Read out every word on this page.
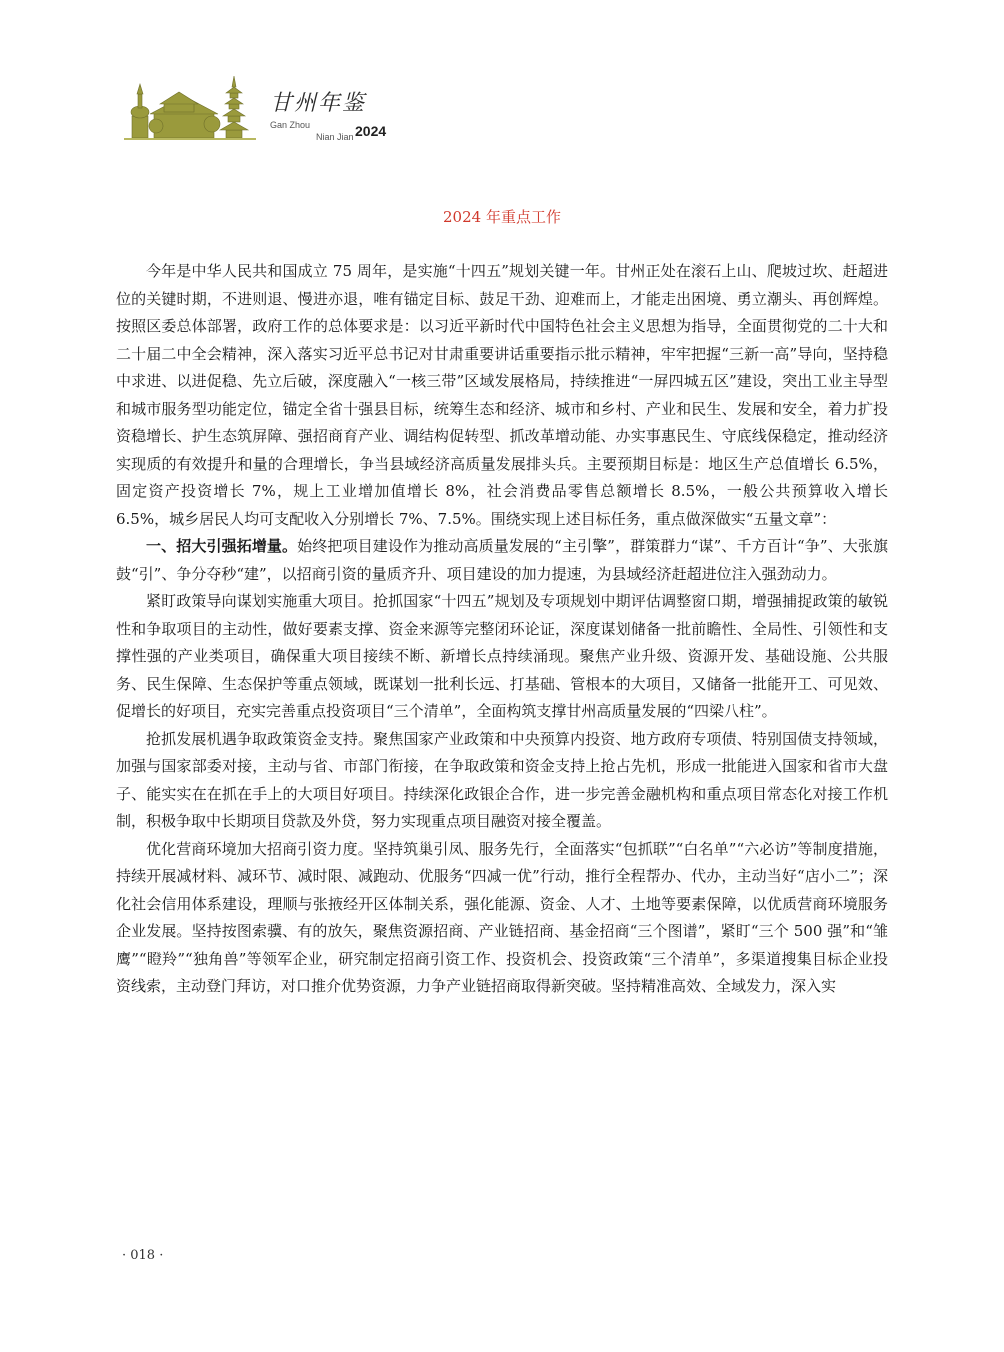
甘州年鉴
Gan Zhou
Nian Jian 2024
2024 年重点工作

今年是中华人民共和国成立 75 周年，是实施“十四五”规划关键一年。甘州正处在滚石上山、爬坡过坎、赶超进位的关键时期，不进则退、慢进亦退，唯有锚定目标、鼓足干劲、迎难而上，才能走出困境、勇立潮头、再创辉煌。按照区委总体部署，政府工作的总体要求是：以习近平新时代中国特色社会主义思想为指导，全面贯彻党的二十大和二十届二中全会精神，深入落实习近平总书记对甘肃重要讲话重要指示批示精神，牢牢把握“三新一高”导向，坚持稳中求进、以进促稳、先立后破，深度融入“一核三带”区域发展格局，持续推进“一屏四城五区”建设，突出工业主导型和城市服务型功能定位，锚定全省十强县目标，统筹生态和经济、城市和乡村、产业和民生、发展和安全，着力扩投资稳增长、护生态筑屏障、强招商育产业、调结构促转型、抓改革增动能、办实事惠民生、守底线保稳定，推动经济实现质的有效提升和量的合理增长，争当县域经济高质量发展排头兵。主要预期目标是：地区生产总值增长 6.5%，固定资产投资增长 7%，规上工业增加值增长 8%，社会消费品零售总额增长 8.5%，一般公共预算收入增长 6.5%，城乡居民人均可支配收入分别增长 7%、7.5%。围绕实现上述目标任务，重点做深做实“五量文章”：

一、招大引强拓增量。始终把项目建设作为推动高质量发展的“主引擎”，群策群力“谋”、千方百计“争”、大张旗鼓“引”、争分夺秒“建”，以招商引资的量质齐升、项目建设的加力提速，为县域经济赶超进位注入强劲动力。

紧盯政策导向谋划实施重大项目。抢抓国家“十四五”规划及专项规划中期评估调整窗口期，增强捕捉政策的敏锐性和争取项目的主动性，做好要素支撑、资金来源等完整闭环论证，深度谋划储备一批前瞻性、全局性、引领性和支撑性强的产业类项目，确保重大项目接续不断、新增长点持续涌现。聚焦产业升级、资源开发、基础设施、公共服务、民生保障、生态保护等重点领域，既谋划一批利长远、打基础、管根本的大项目，又储备一批能开工、可见效、促增长的好项目，充实完善重点投资项目“三个清单”，全面构筑支撑甘州高质量发展的“四梁八柱”。

抢抓发展机遇争取政策资金支持。聚焦国家产业政策和中央预算内投资、地方政府专项债、特别国债支持领域，加强与国家部委对接，主动与省、市部门衔接，在争取政策和资金支持上抢占先机，形成一批能进入国家和省市大盘子、能实实在在抓在手上的大项目好项目。持续深化政银企合作，进一步完善金融机构和重点项目常态化对接工作机制，积极争取中长期项目贷款及外贷，努力实现重点项目融资对接全覆盖。

优化营商环境加大招商引资力度。坚持筑巢引凤、服务先行，全面落实“包抓联”“白名单”“六必访”等制度措施，持续开展减材料、减环节、减时限、减跑动、优服务“四减一优”行动，推行全程帮办、代办，主动当好“店小二”；深化社会信用体系建设，理顺与张掖经开区体制关系，强化能源、资金、人才、土地等要素保障，以优质营商环境服务企业发展。坚持按图索骥、有的放矢，聚焦资源招商、产业链招商、基金招商“三个图谱”，紧盯“三个 500 强”和“雏鹰”“瞪羚”“独角兽”等领军企业，研究制定招商引资工作、投资机会、投资政策“三个清单”，多渠道搜集目标企业投资线索，主动登门拜访，对口推介优势资源，力争产业链招商取得新突破。坚持精准高效、全域发力，深入实

· 018 ·
